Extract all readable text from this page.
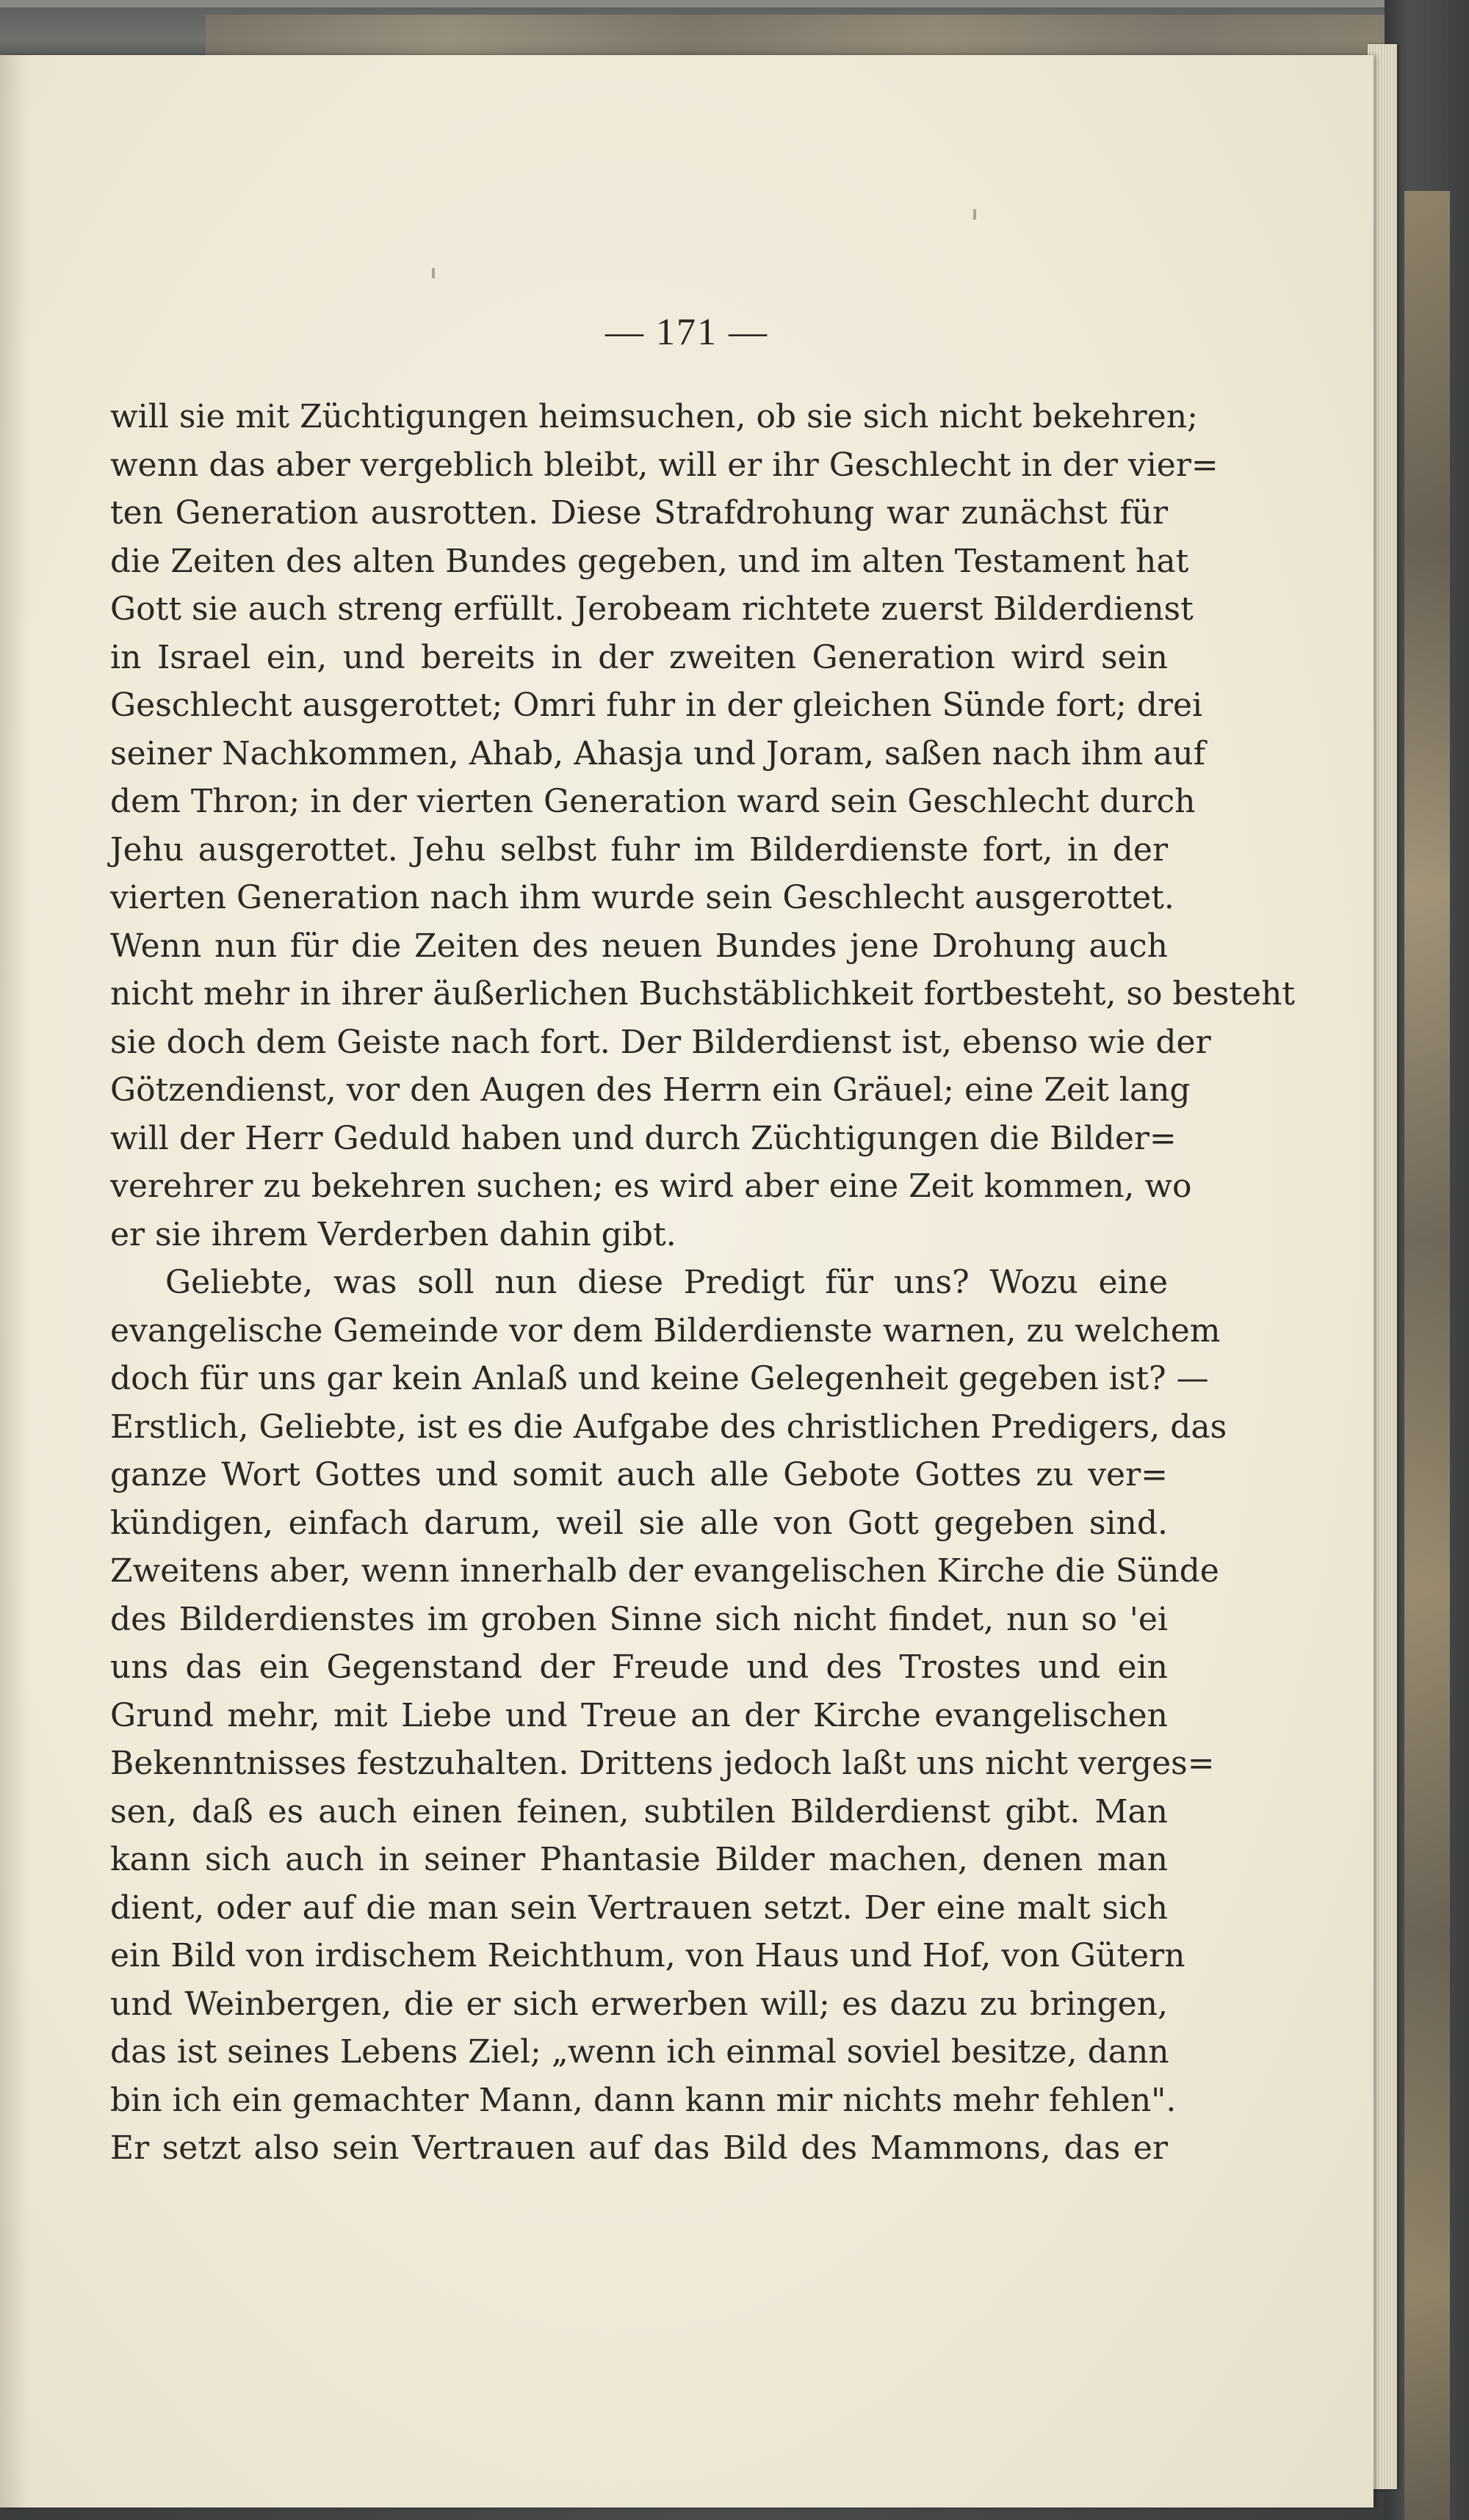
— 171 —
will sie mit Züchtigungen heimsuchen, ob sie sich nicht bekehren;
wenn das aber vergeblich bleibt, will er ihr Geschlecht in der vier=
ten Generation ausrotten. Diese Strafdrohung war zunächst für
die Zeiten des alten Bundes gegeben, und im alten Testament hat
Gott sie auch streng erfüllt. Jerobeam richtete zuerst Bilderdienst
in Israel ein, und bereits in der zweiten Generation wird sein
Geschlecht ausgerottet; Omri fuhr in der gleichen Sünde fort; drei
seiner Nachkommen, Ahab, Ahasja und Joram, saßen nach ihm auf
dem Thron; in der vierten Generation ward sein Geschlecht durch
Jehu ausgerottet. Jehu selbst fuhr im Bilderdienste fort, in der
vierten Generation nach ihm wurde sein Geschlecht ausgerottet.
Wenn nun für die Zeiten des neuen Bundes jene Drohung auch
nicht mehr in ihrer äußerlichen Buchstäblichkeit fortbesteht, so besteht
sie doch dem Geiste nach fort. Der Bilderdienst ist, ebenso wie der
Götzendienst, vor den Augen des Herrn ein Gräuel; eine Zeit lang
will der Herr Geduld haben und durch Züchtigungen die Bilder=
verehrer zu bekehren suchen; es wird aber eine Zeit kommen, wo
er sie ihrem Verderben dahin gibt.
Geliebte, was soll nun diese Predigt für uns? Wozu eine
evangelische Gemeinde vor dem Bilderdienste warnen, zu welchem
doch für uns gar kein Anlaß und keine Gelegenheit gegeben ist? —
Erstlich, Geliebte, ist es die Aufgabe des christlichen Predigers, das
ganze Wort Gottes und somit auch alle Gebote Gottes zu ver=
kündigen, einfach darum, weil sie alle von Gott gegeben sind.
Zweitens aber, wenn innerhalb der evangelischen Kirche die Sünde
des Bilderdienstes im groben Sinne sich nicht findet, nun so 'ei
uns das ein Gegenstand der Freude und des Trostes und ein
Grund mehr, mit Liebe und Treue an der Kirche evangelischen
Bekenntnisses festzuhalten. Drittens jedoch laßt uns nicht verges=
sen, daß es auch einen feinen, subtilen Bilderdienst gibt. Man
kann sich auch in seiner Phantasie Bilder machen, denen man
dient, oder auf die man sein Vertrauen setzt. Der eine malt sich
ein Bild von irdischem Reichthum, von Haus und Hof, von Gütern
und Weinbergen, die er sich erwerben will; es dazu zu bringen,
das ist seines Lebens Ziel; „wenn ich einmal soviel besitze, dann
bin ich ein gemachter Mann, dann kann mir nichts mehr fehlen".
Er setzt also sein Vertrauen auf das Bild des Mammons, das er
